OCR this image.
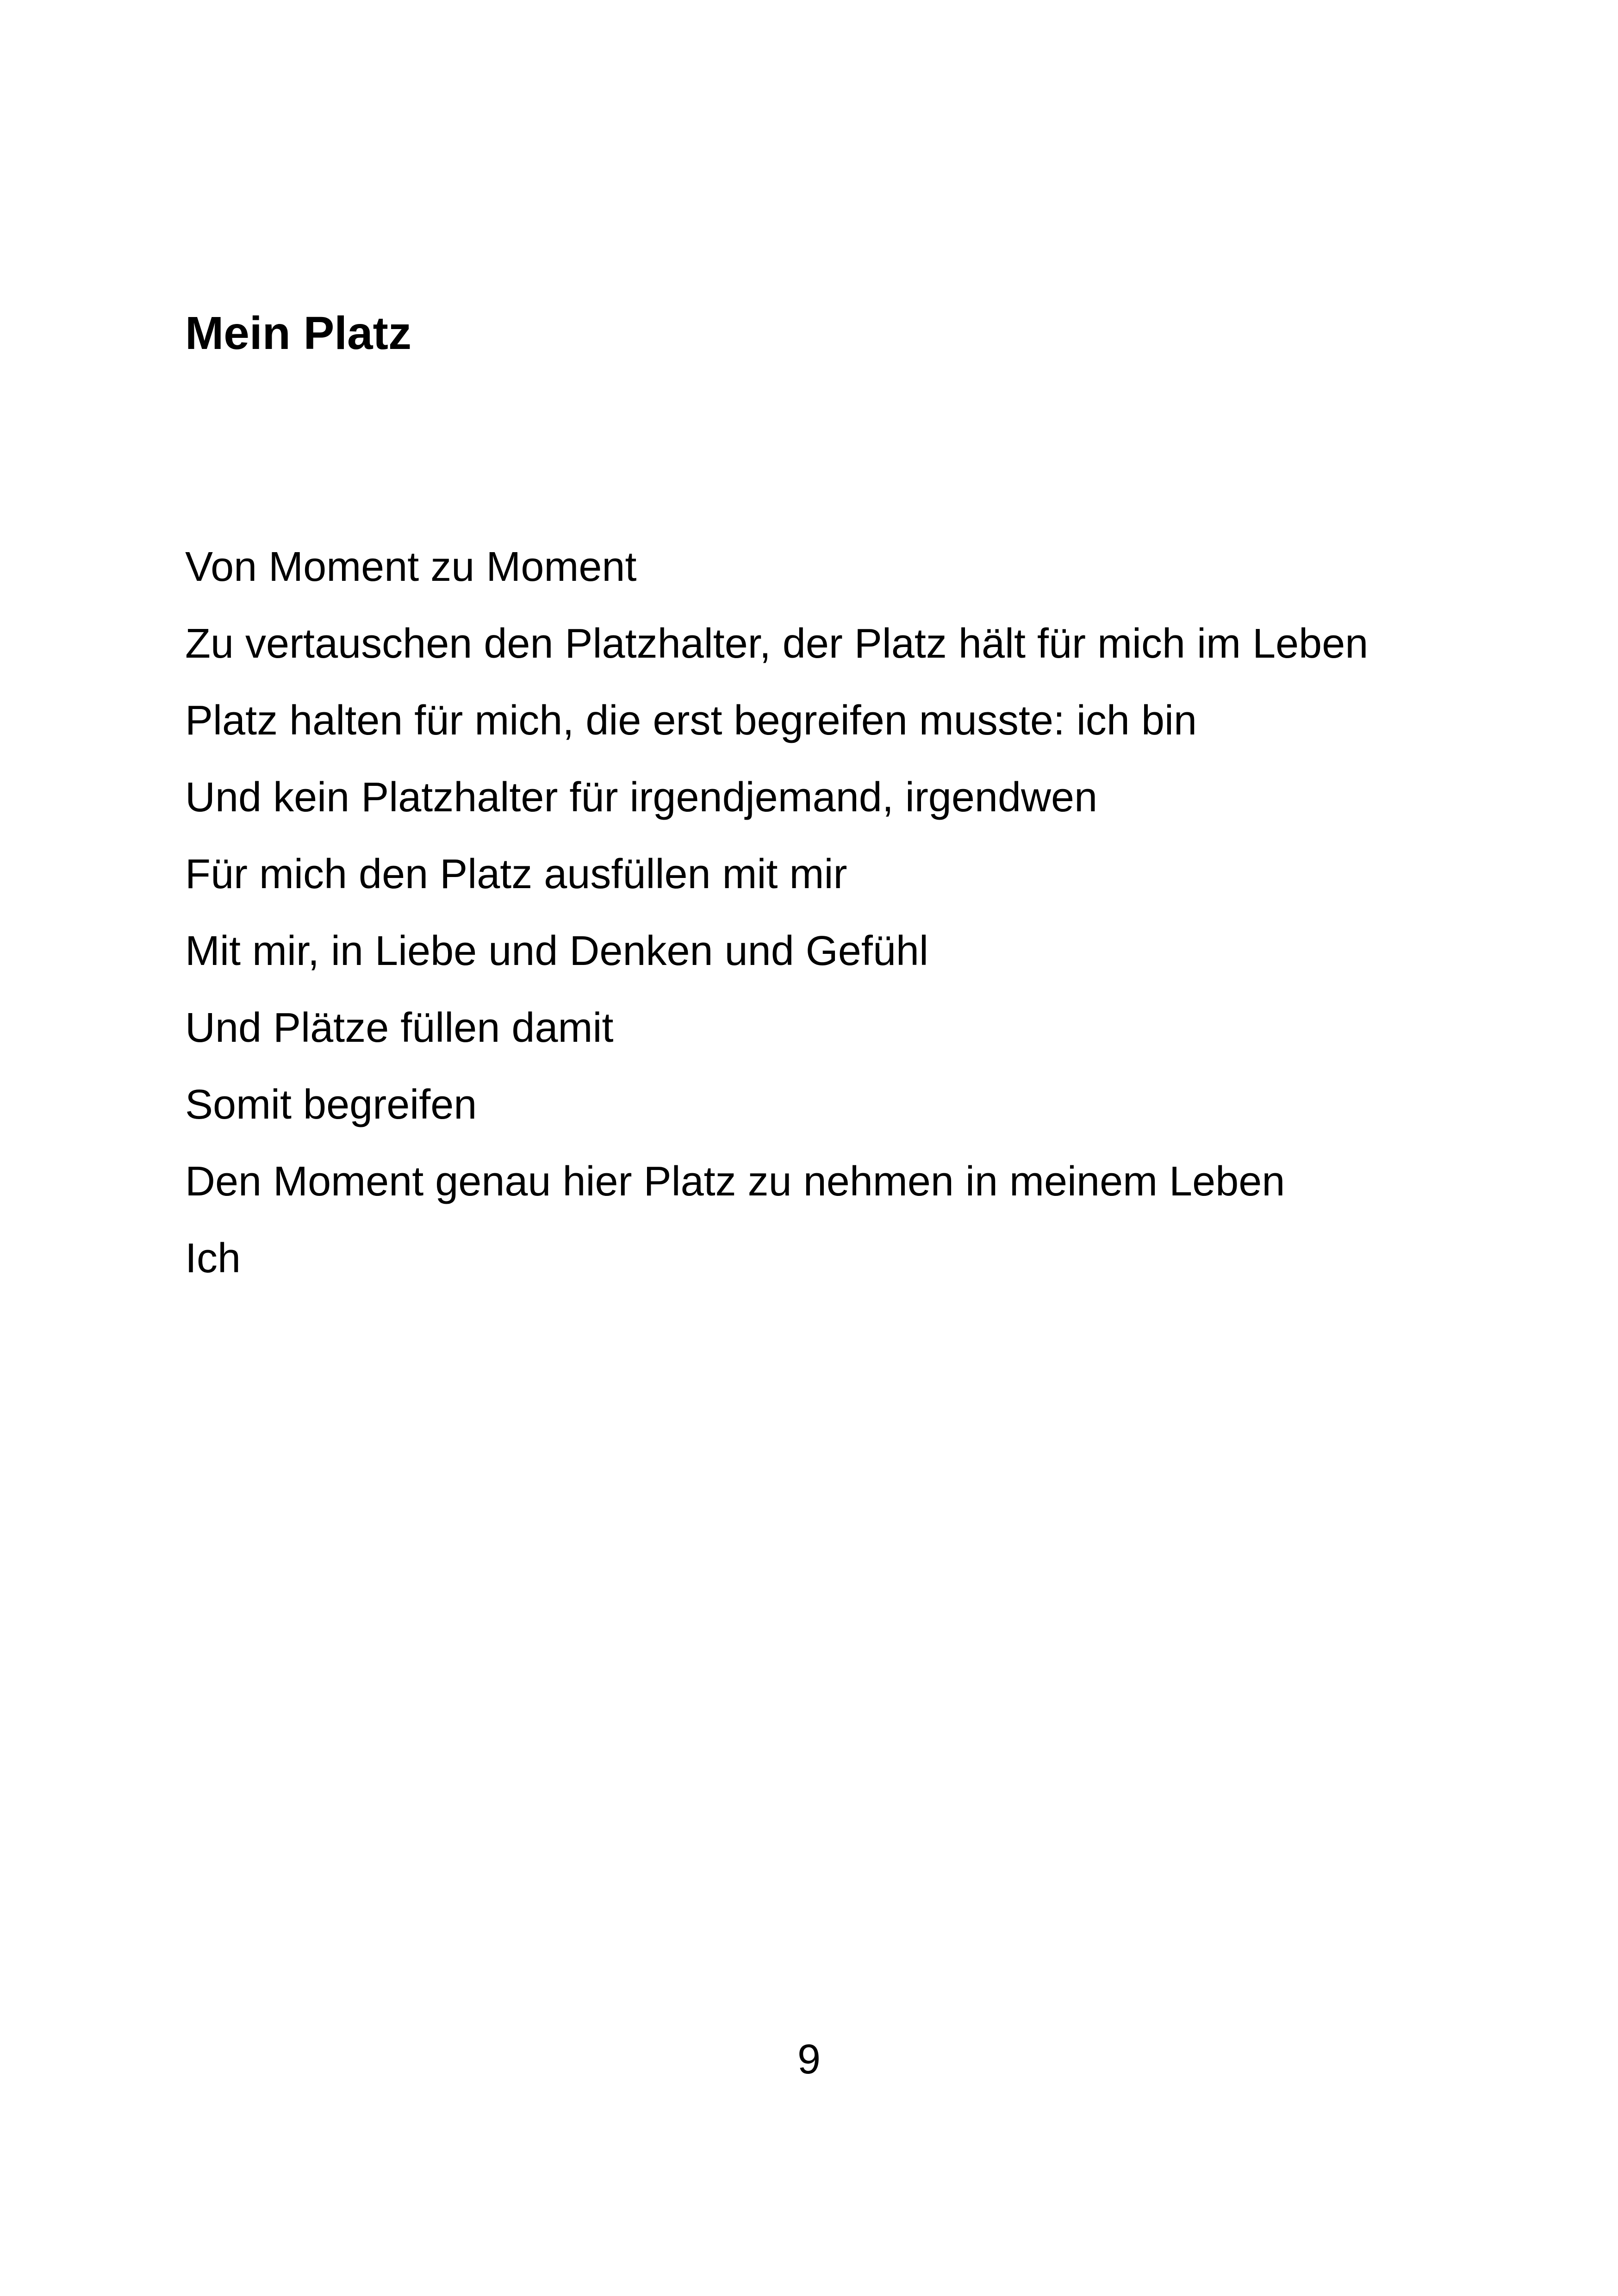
Mein Platz
Von Moment zu Moment
Zu vertauschen den Platzhalter, der Platz hält für mich im Leben
Platz halten für mich, die erst begreifen musste: ich bin
Und kein Platzhalter für irgendjemand, irgendwen
Für mich den Platz ausfüllen mit mir
Mit mir, in Liebe und Denken und Gefühl
Und Plätze füllen damit
Somit begreifen
Den Moment genau hier Platz zu nehmen in meinem Leben
Ich
9
